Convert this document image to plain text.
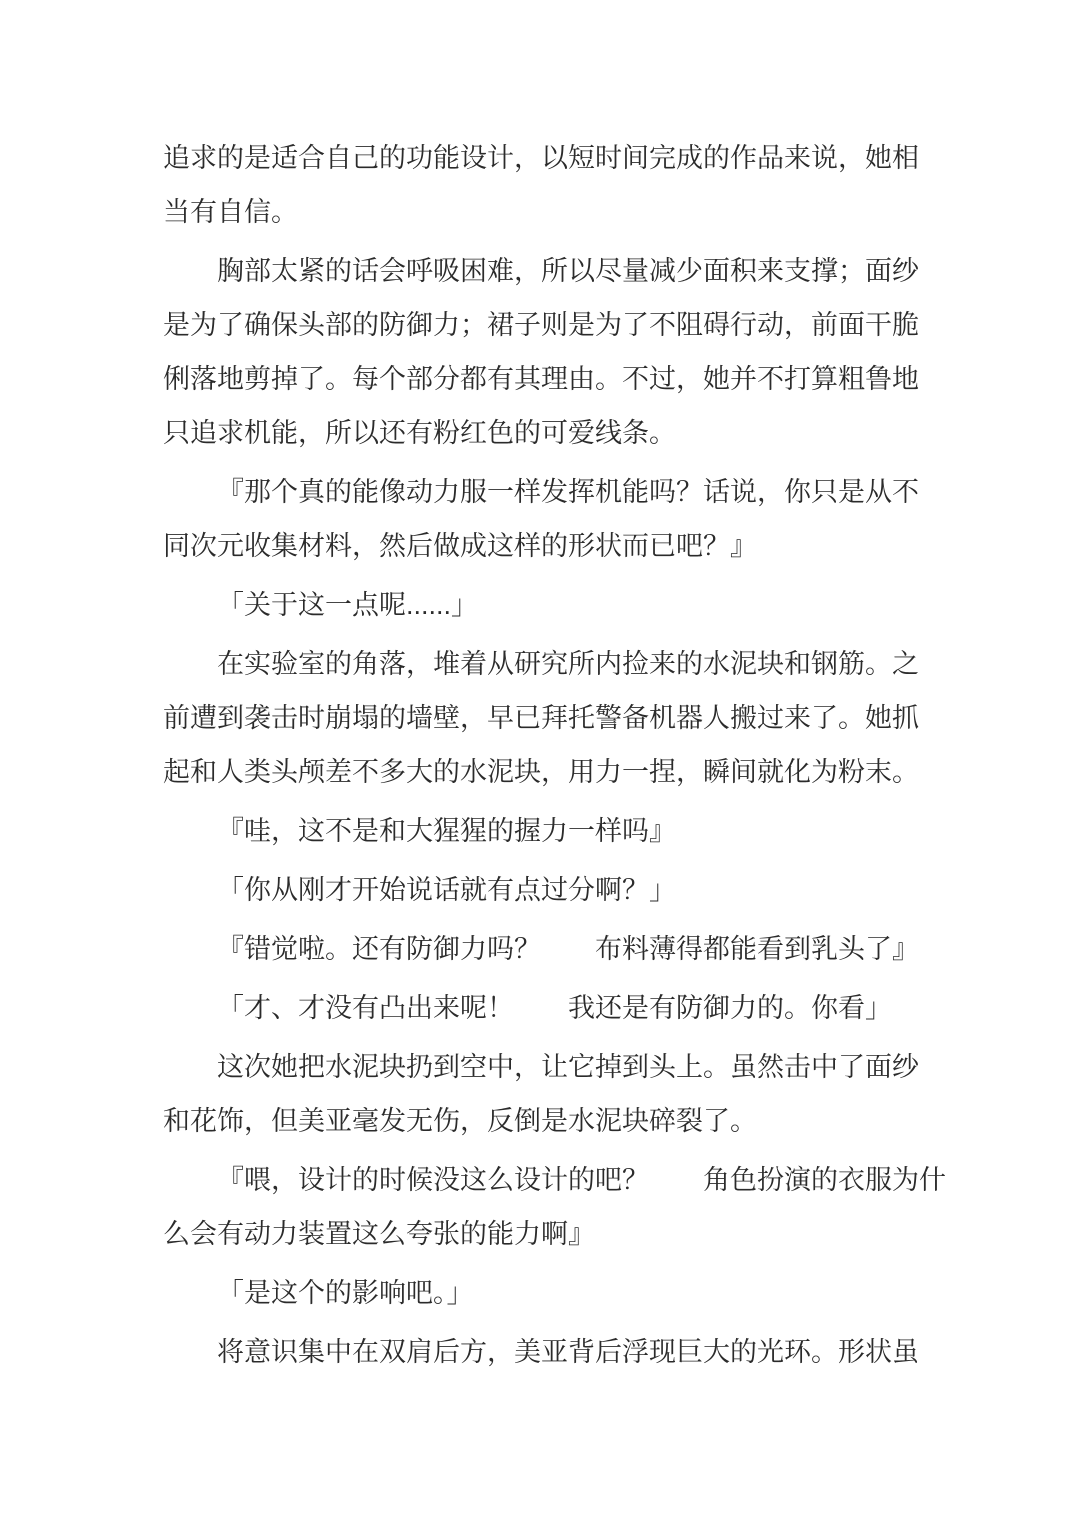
追求的是适合自己的功能设计，以短时间完成的作品来说，她相
当有自信。

胸部太紧的话会呼吸困难，所以尽量减少面积来支撑；面纱
是为了确保头部的防御力；裙子则是为了不阻碍行动，前面干脆
俐落地剪掉了。每个部分都有其理由。不过，她并不打算粗鲁地
只追求机能，所以还有粉红色的可爱线条。

『那个真的能像动力服一样发挥机能吗？话说，你只是从不
同次元收集材料，然后做成这样的形状而已吧？』

「关于这一点呢......」

在实验室的角落，堆着从研究所内捡来的水泥块和钢筋。之
前遭到袭击时崩塌的墙壁，早已拜托警备机器人搬过来了。她抓
起和人类头颅差不多大的水泥块，用力一捏，瞬间就化为粉末。

『哇，这不是和大猩猩的握力一样吗』

「你从刚才开始说话就有点过分啊？」

『错觉啦。还有防御力吗？　　布料薄得都能看到乳头了』

「才、才没有凸出来呢！　　我还是有防御力的。你看」

这次她把水泥块扔到空中，让它掉到头上。虽然击中了面纱
和花饰，但美亚毫发无伤，反倒是水泥块碎裂了。

『喂，设计的时候没这么设计的吧？　　角色扮演的衣服为什
么会有动力装置这么夸张的能力啊』

「是这个的影响吧。」

将意识集中在双肩后方，美亚背后浮现巨大的光环。形状虽
